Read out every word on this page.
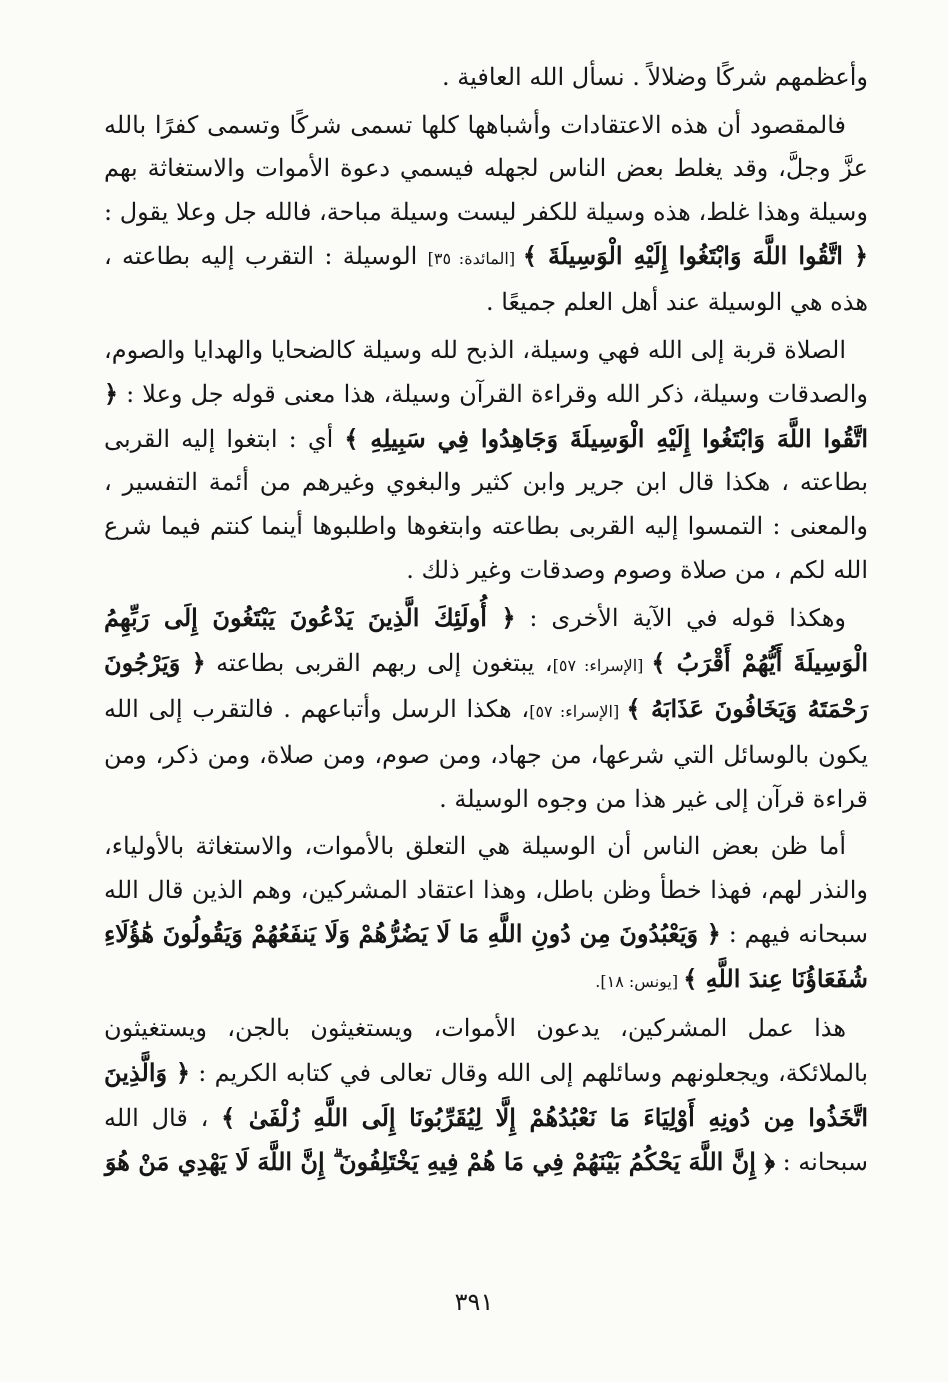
وأعظمهم شركًا وضلالاً . نسأل الله العافية .

فالمقصود أن هذه الاعتقادات وأشباهها كلها تسمى شركًا وتسمى كفرًا بالله عزَّ وجلَّ، وقد يغلط بعض الناس لجهله فيسمي دعوة الأموات والاستغاثة بهم وسيلة وهذا غلط، هذه وسيلة للكفر ليست وسيلة مباحة، فالله جل وعلا يقول : ﴿ اتَّقُوا اللَّهَ وَابْتَغُوا إِلَيْهِ الْوَسِيلَةَ ﴾ [المائدة: ٣٥] الوسيلة : التقرب إليه بطاعته ، هذه هي الوسيلة عند أهل العلم جميعًا .

الصلاة قربة إلى الله فهي وسيلة، الذبح لله وسيلة كالضحايا والهدايا والصوم، والصدقات وسيلة، ذكر الله وقراءة القرآن وسيلة، هذا معنى قوله جل وعلا : ﴿ اتَّقُوا اللَّهَ وَابْتَغُوا إِلَيْهِ الْوَسِيلَةَ وَجَاهِدُوا فِي سَبِيلِهِ ﴾ أي : ابتغوا إليه القربى بطاعته ، هكذا قال ابن جرير وابن كثير والبغوي وغيرهم من أئمة التفسير ، والمعنى : التمسوا إليه القربى بطاعته وابتغوها واطلبوها أينما كنتم فيما شرع الله لكم ، من صلاة وصوم وصدقات وغير ذلك .

وهكذا قوله في الآية الأخرى : ﴿ أُولَئِكَ الَّذِينَ يَدْعُونَ يَبْتَغُونَ إِلَى رَبِّهِمُ الْوَسِيلَةَ أَيُّهُمْ أَقْرَبُ ﴾ [الإسراء: ٥٧]، يبتغون إلى ربهم القربى بطاعته ﴿ وَيَرْجُونَ رَحْمَتَهُ وَيَخَافُونَ عَذَابَهُ ﴾ [الإسراء: ٥٧]، هكذا الرسل وأتباعهم . فالتقرب إلى الله يكون بالوسائل التي شرعها، من جهاد، ومن صوم، ومن صلاة، ومن ذكر، ومن قراءة قرآن إلى غير هذا من وجوه الوسيلة .

أما ظن بعض الناس أن الوسيلة هي التعلق بالأموات، والاستغاثة بالأولياء، والنذر لهم، فهذا خطأ وظن باطل، وهذا اعتقاد المشركين، وهم الذين قال الله سبحانه فيهم : ﴿ وَيَعْبُدُونَ مِن دُونِ اللَّهِ مَا لَا يَضُرُّهُمْ وَلَا يَنفَعُهُمْ وَيَقُولُونَ هَٰؤُلَاءِ شُفَعَاؤُنَا عِندَ اللَّهِ ﴾ [يونس: ١٨].

هذا عمل المشركين، يدعون الأموات، ويستغيثون بالجن، ويستغيثون بالملائكة، ويجعلونهم وسائلهم إلى الله وقال تعالى في كتابه الكريم : ﴿ وَالَّذِينَ اتَّخَذُوا مِن دُونِهِ أَوْلِيَاءَ مَا نَعْبُدُهُمْ إِلَّا لِيُقَرِّبُونَا إِلَى اللَّهِ زُلْفَىٰ ﴾ ، قال الله سبحانه : ﴿ إِنَّ اللَّهَ يَحْكُمُ بَيْنَهُمْ فِي مَا هُمْ فِيهِ يَخْتَلِفُونَ ۗ إِنَّ اللَّهَ لَا يَهْدِي مَنْ هُوَ

٣٩١
